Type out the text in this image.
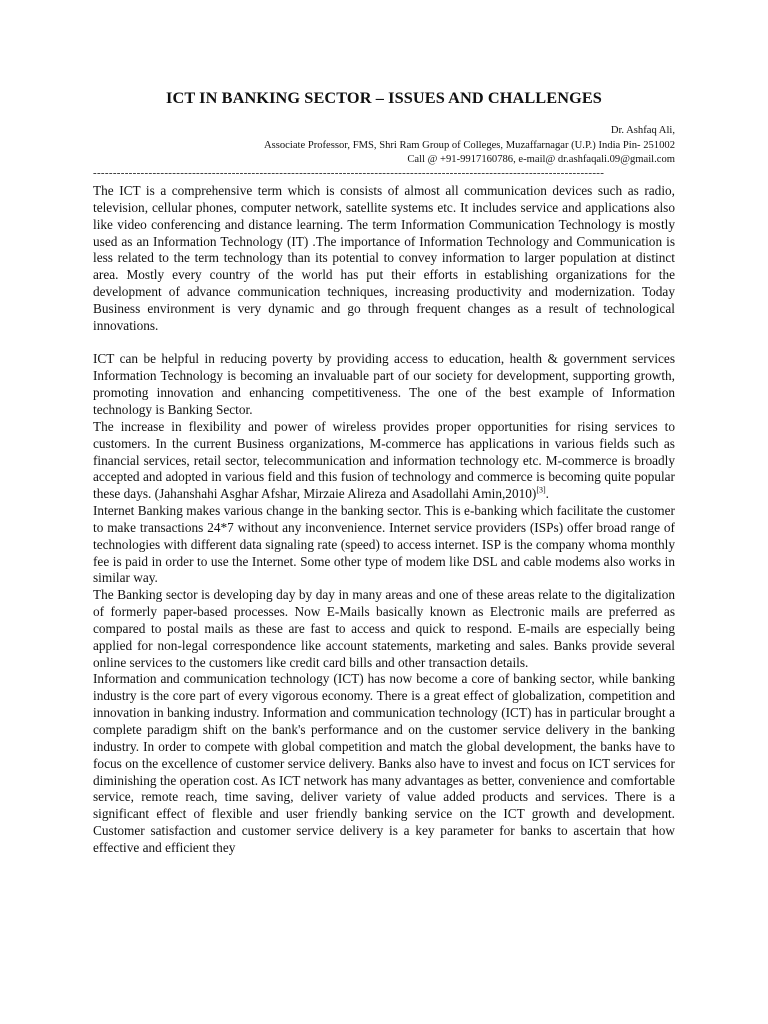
ICT IN BANKING SECTOR – ISSUES AND CHALLENGES
Dr. Ashfaq Ali,
Associate Professor, FMS, Shri Ram Group of Colleges, Muzaffarnagar (U.P.) India Pin- 251002
Call @ +91-9917160786, e-mail@ dr.ashfaqali.09@gmail.com
---------------------------------------------------------------------------------------------------------------------------------

The ICT is a comprehensive term which is consists of almost all communication devices such as radio, television, cellular phones, computer network, satellite systems etc. It includes service and applications also like video conferencing and distance learning. The term Information Communication Technology is mostly used as an Information Technology (IT) .The importance of Information Technology and Communication is less related to the term technology than its potential to convey information to larger population at distinct area. Mostly every country of the world has put their efforts in establishing organizations for the development of advance communication techniques, increasing productivity and modernization. Today Business environment is very dynamic and go through frequent changes as a result of technological innovations.

ICT can be helpful in reducing poverty by providing access to education, health & government services Information Technology is becoming an invaluable part of our society for development, supporting growth, promoting innovation and enhancing competitiveness. The one of the best example of Information technology is Banking Sector.

The increase in flexibility and power of wireless provides proper opportunities for rising services to customers. In the current Business organizations, M-commerce has applications in various fields such as financial services, retail sector, telecommunication and information technology etc. M-commerce is broadly accepted and adopted in various field and this fusion of technology and commerce is becoming quite popular these days. (Jahanshahi Asghar Afshar, Mirzaie Alireza and Asadollahi Amin,2010)[3].

Internet Banking makes various change in the banking sector. This is e-banking which facilitate the customer to make transactions 24*7 without any inconvenience. Internet service providers (ISPs) offer broad range of technologies with different data signaling rate (speed) to access internet. ISP is the company whoma monthly fee is paid in order to use the Internet. Some other type of modem like DSL and cable modems also works in similar way.

The Banking sector is developing day by day in many areas and one of these areas relate to the digitalization of formerly paper-based processes. Now E-Mails basically known as Electronic mails are preferred as compared to postal mails as these are fast to access and quick to respond. E-mails are especially being applied for non-legal correspondence like account statements, marketing and sales. Banks provide several online services to the customers like credit card bills and other transaction details.

Information and communication technology (ICT) has now become a core of banking sector, while banking industry is the core part of every vigorous economy. There is a great effect of globalization, competition and innovation in banking industry. Information and communication technology (ICT) has in particular brought a complete paradigm shift on the bank's performance and on the customer service delivery in the banking industry. In order to compete with global competition and match the global development, the banks have to focus on the excellence of customer service delivery. Banks also have to invest and focus on ICT services for diminishing the operation cost. As ICT network has many advantages as better, convenience and comfortable service, remote reach, time saving, deliver variety of value added products and services. There is a significant effect of flexible and user friendly banking service on the ICT growth and development. Customer satisfaction and customer service delivery is a key parameter for banks to ascertain that how effective and efficient they
